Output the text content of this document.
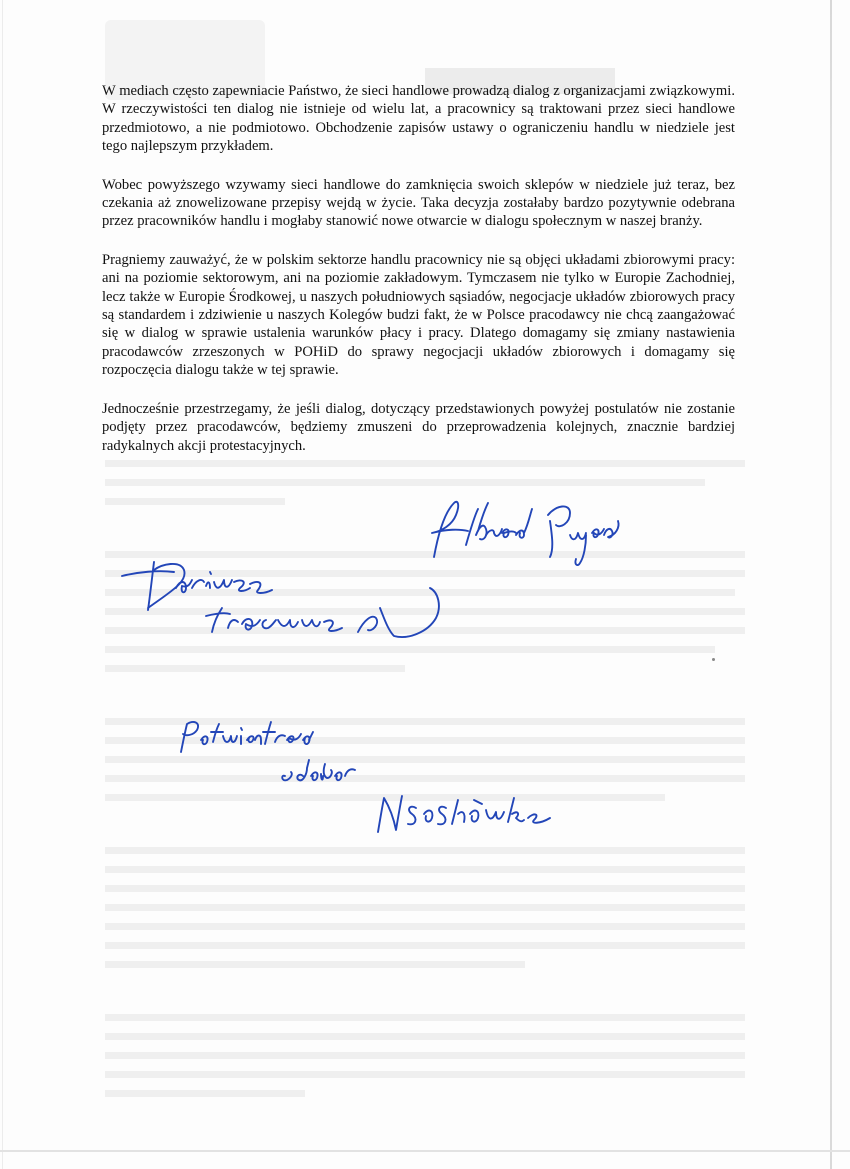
W mediach często zapewniacie Państwo, że sieci handlowe prowadzą dialog z organizacjami związkowymi. W rzeczywistości ten dialog nie istnieje od wielu lat, a pracownicy są traktowani przez sieci handlowe przedmiotowo, a nie podmiotowo. Obchodzenie zapisów ustawy o ograniczeniu handlu w niedziele jest tego najlepszym przykładem.

Wobec powyższego wzywamy sieci handlowe do zamknięcia swoich sklepów w niedziele już teraz, bez czekania aż znowelizowane przepisy wejdą w życie. Taka decyzja zostałaby bardzo pozytywnie odebrana przez pracowników handlu i mogłaby stanowić nowe otwarcie w dialogu społecznym w naszej branży.

Pragniemy zauważyć, że w polskim sektorze handlu pracownicy nie są objęci układami zbiorowymi pracy: ani na poziomie sektorowym, ani na poziomie zakładowym. Tymczasem nie tylko w Europie Zachodniej, lecz także w Europie Środkowej, u naszych południowych sąsiadów, negocjacje układów zbiorowych pracy są standardem i zdziwienie u naszych Kolegów budzi fakt, że w Polsce pracodawcy nie chcą zaangażować się w dialog w sprawie ustalenia warunków płacy i pracy. Dlatego domagamy się zmiany nastawienia pracodawców zrzeszonych w POHiD do sprawy negocjacji układów zbiorowych i domagamy się rozpoczęcia dialogu także w tej sprawie.

Jednocześnie przestrzegamy, że jeśli dialog, dotyczący przedstawionych powyżej postulatów nie zostanie podjęty przez pracodawców, będziemy zmuszeni do przeprowadzenia kolejnych, znacznie bardziej radykalnych akcji protestacyjnych.
